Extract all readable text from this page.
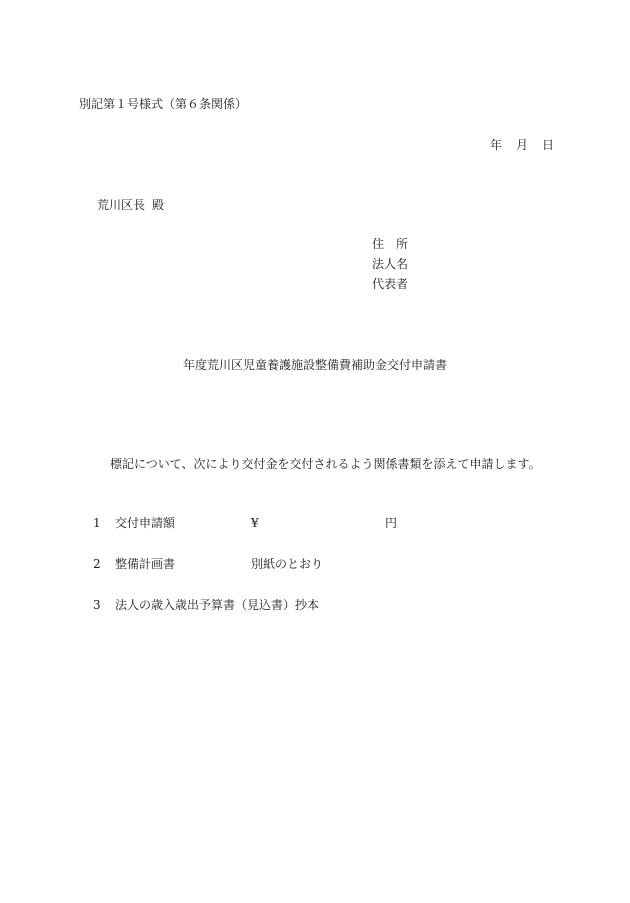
別記第１号様式（第６条関係）
年 月 日
荒川区長 殿
住　所
法人名
代表者
年度荒川区児童養護施設整備費補助金交付申請書
標記について、次により交付金を交付されるよう関係書類を添えて申請します。
1	交付申請額	¥	円
2	整備計画書	別紙のとおり
3	法人の歳入歳出予算書（見込書）抄本
